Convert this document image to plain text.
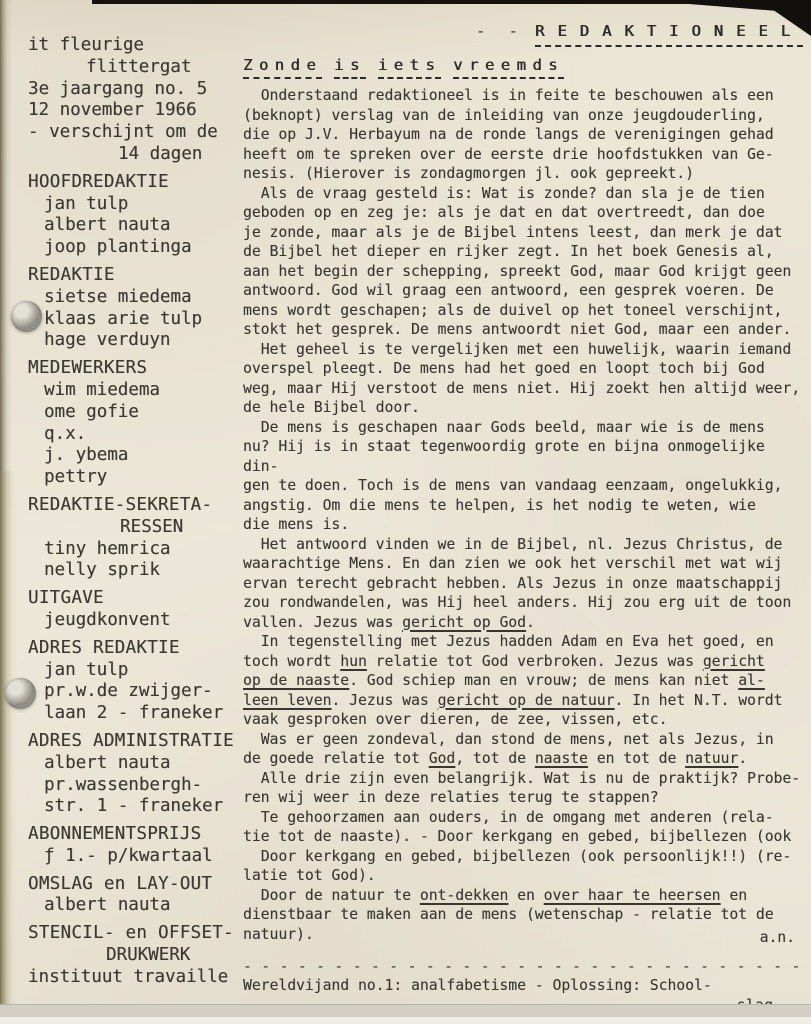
it fleurige
flittergat
3e jaargang no. 5
12 november 1966
- verschijnt om de
14 dagen
HOOFDREDAKTIE
jan tulp
albert nauta
joop plantinga
REDAKTIE
sietse miedema
klaas arie tulp
hage verduyn
MEDEWERKERS
wim miedema
ome gofie
q.x.
j. ybema
pettry
REDAKTIE-SEKRETA-
RESSEN
tiny hemrica
nelly sprik
UITGAVE
jeugdkonvent
ADRES REDAKTIE
jan tulp
pr.w.de zwijger-
laan 2 - franeker
ADRES ADMINISTRATIE
albert nauta
pr.wassenbergh-
str. 1 - franeker
ABONNEMENTSPRIJS
ƒ 1.- p/kwartaal
OMSLAG en LAY-OUT
albert nauta
STENCIL- en OFFSET-
DRUKWERK
instituut travaille
- - REDAKTIONEEL
Zonde is iets vreemds

Onderstaand redaktioneel is in feite te beschouwen als een
(beknopt) verslag van de inleiding van onze jeugdouderling,
die op J.V. Herbayum na de ronde langs de verenigingen gehad
heeft om te spreken over de eerste drie hoofdstukken van Ge-
nesis. (Hierover is zondagmorgen jl. ook gepreekt.)

Als de vraag gesteld is: Wat is zonde? dan sla je de tien
geboden op en zeg je: als je dat en dat overtreedt, dan doe
je zonde, maar als je de Bijbel intens leest, dan merk je dat
de Bijbel het dieper en rijker zegt. In het boek Genesis al,
aan het begin der schepping, spreekt God, maar God krijgt geen
antwoord. God wil graag een antwoord, een gesprek voeren. De
mens wordt geschapen; als de duivel op het toneel verschijnt,
stokt het gesprek. De mens antwoordt niet God, maar een ander.

Het geheel is te vergelijken met een huwelijk, waarin iemand
overspel pleegt. De mens had het goed en loopt toch bij God
weg, maar Hij verstoot de mens niet. Hij zoekt hen altijd weer,
de hele Bijbel door.

De mens is geschapen naar Gods beeld, maar wie is de mens
nu? Hij is in staat tegenwoordig grote en bijna onmogelijke din-
gen te doen. Toch is de mens van vandaag eenzaam, ongelukkig,
angstig. Om die mens te helpen, is het nodig te weten, wie
die mens is.

Het antwoord vinden we in de Bijbel, nl. Jezus Christus, de
waarachtige Mens. En dan zien we ook het verschil met wat wij
ervan terecht gebracht hebben. Als Jezus in onze maatschappij
zou rondwandelen, was Hij heel anders. Hij zou erg uit de toon
vallen. Jezus was gericht op God.

In tegenstelling met Jezus hadden Adam en Eva het goed, en
toch wordt hun relatie tot God verbroken. Jezus was gericht
op de naaste. God schiep man en vrouw; de mens kan niet al-
leen leven. Jezus was gericht op de natuur. In het N.T. wordt
vaak gesproken over dieren, de zee, vissen, etc.

Was er geen zondeval, dan stond de mens, net als Jezus, in
de goede relatie tot God, tot de naaste en tot de natuur.

Alle drie zijn even belangrijk. Wat is nu de praktijk? Probe-
ren wij weer in deze relaties terug te stappen?

Te gehoorzamen aan ouders, in de omgang met anderen (rela-
tie tot de naaste). - Door kerkgang en gebed, bijbellezen (ook

Door kerkgang en gebed, bijbellezen (ook persoonlijk!!) (re-
latie tot God).

Door de natuur te ont-dekken en over haar te heersen en
dienstbaar te maken aan de mens (wetenschap - relatie tot de
natuur).	a.n.
- - - - - - - - - - - - - - - - - - - - - - - - - - - - - - -
Wereldvijand no.1: analfabetisme - Oplossing: School-
